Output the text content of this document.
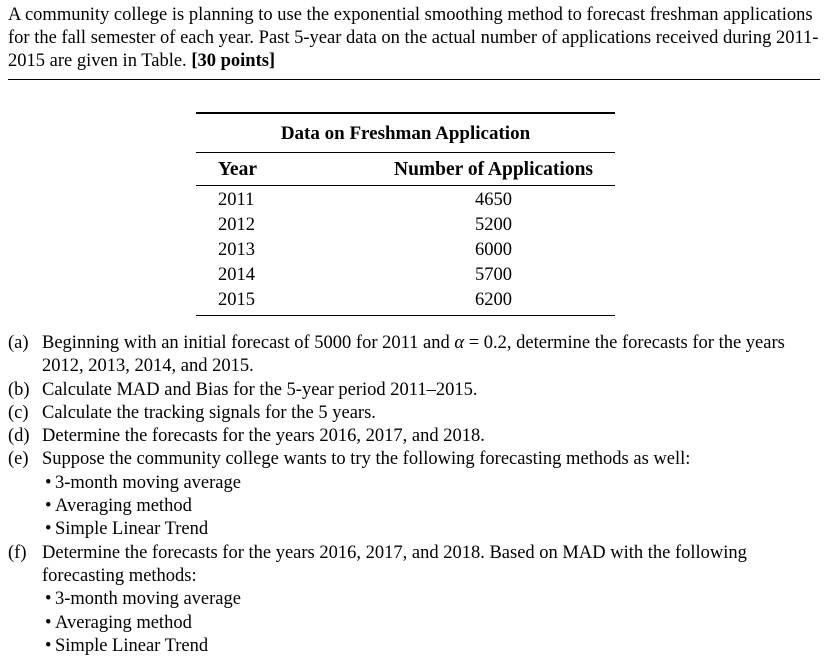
A community college is planning to use the exponential smoothing method to forecast freshman applications for the fall semester of each year. Past 5-year data on the actual number of applications received during 2011-2015 are given in Table. [30 points]
Data on Freshman Application
Year	Number of Applications
2011	4650
2012	5200
2013	6000
2014	5700
2015	6200
(a) Beginning with an initial forecast of 5000 for 2011 and α = 0.2, determine the forecasts for the years 2012, 2013, 2014, and 2015.
(b) Calculate MAD and Bias for the 5-year period 2011–2015.
(c) Calculate the tracking signals for the 5 years.
(d) Determine the forecasts for the years 2016, 2017, and 2018.
(e) Suppose the community college wants to try the following forecasting methods as well:
• 3-month moving average
• Averaging method
• Simple Linear Trend
(f) Determine the forecasts for the years 2016, 2017, and 2018. Based on MAD with the following forecasting methods:
• 3-month moving average
• Averaging method
• Simple Linear Trend
